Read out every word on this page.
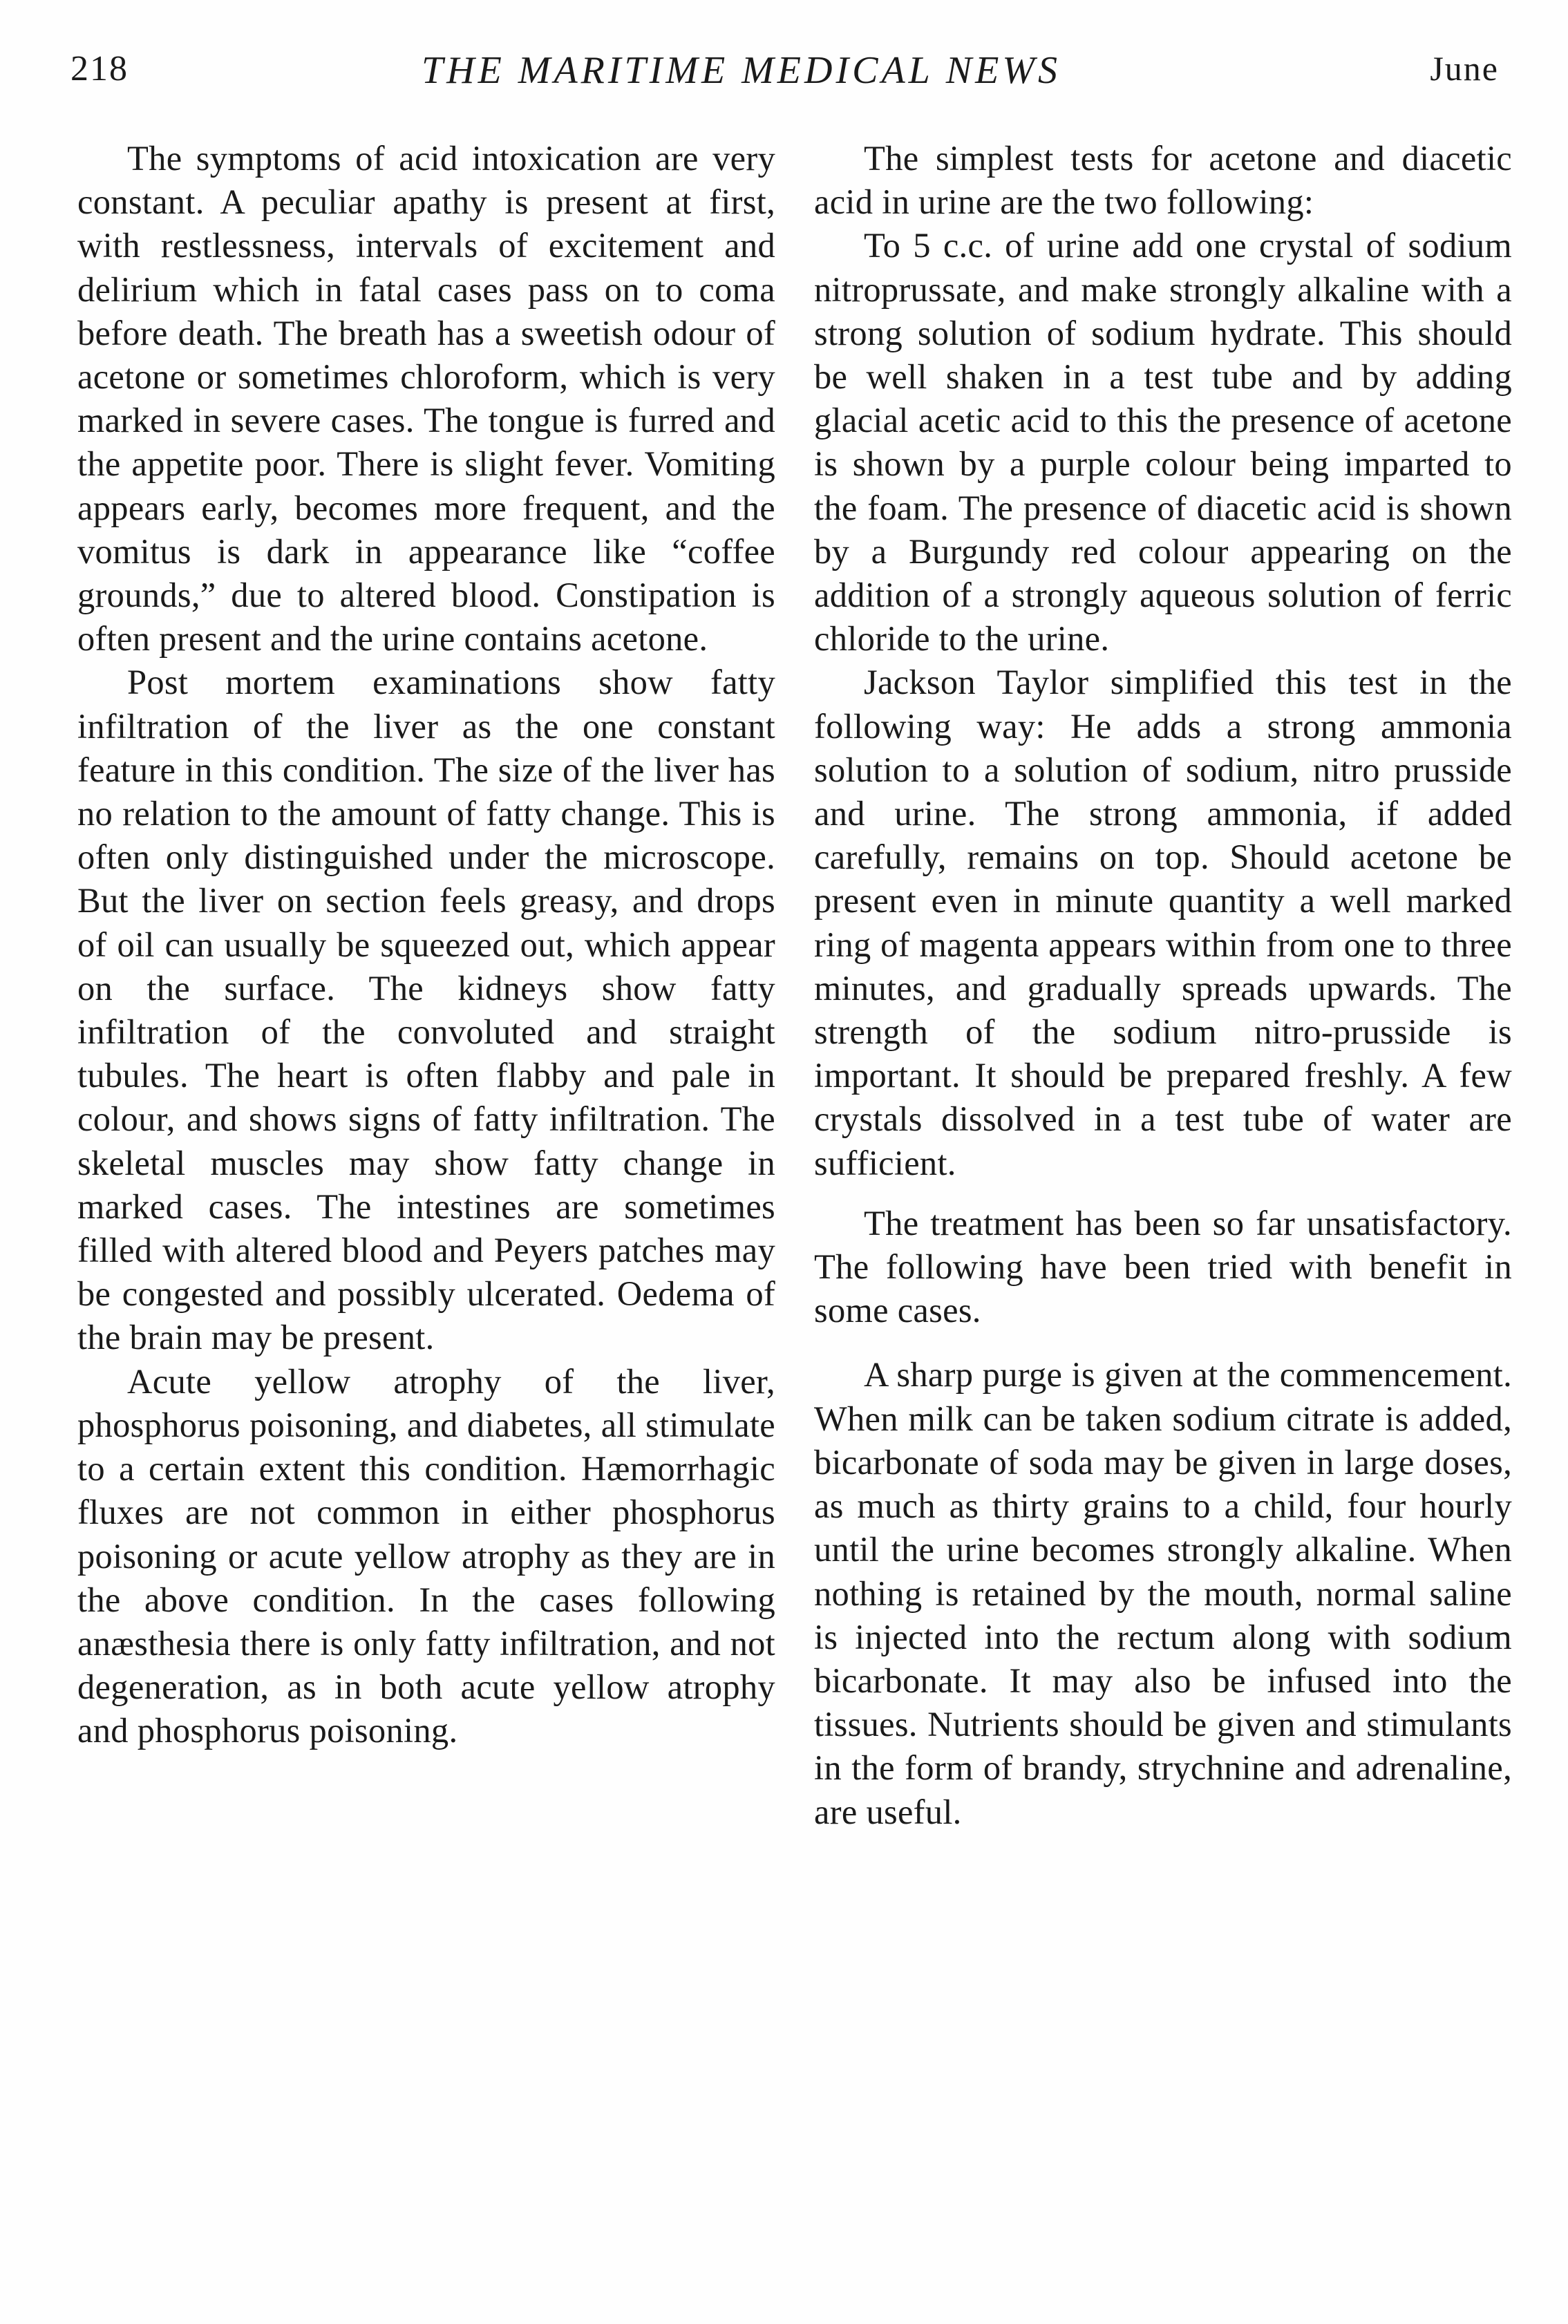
218	THE MARITIME MEDICAL NEWS	June

The symptoms of acid intoxication are very constant. A peculiar apathy is present at first, with restlessness, intervals of excitement and delirium which in fatal cases pass on to coma before death. The breath has a sweetish odour of acetone or sometimes chloroform, which is very marked in severe cases. The tongue is furred and the appetite poor. There is slight fever. Vomiting appears early, becomes more frequent, and the vomitus is dark in appearance like “coffee grounds,” due to altered blood. Constipation is often present and the urine contains acetone.

Post mortem examinations show fatty infiltration of the liver as the one constant feature in this condition. The size of the liver has no relation to the amount of fatty change. This is often only distinguished under the microscope. But the liver on section feels greasy, and drops of oil can usually be squeezed out, which appear on the surface. The kidneys show fatty infiltration of the convoluted and straight tubules. The heart is often flabby and pale in colour, and shows signs of fatty infiltration. The skeletal muscles may show fatty change in marked cases. The intestines are sometimes filled with altered blood and Peyers patches may be congested and possibly ulcerated. Oedema of the brain may be present.

Acute yellow atrophy of the liver, phosphorus poisoning, and diabetes, all stimulate to a certain extent this condition. Hæmorrhagic fluxes are not common in either phosphorus poisoning or acute yellow atrophy as they are in the above condition. In the cases following anæsthesia there is only fatty infiltration, and not degeneration, as in both acute yellow atrophy and phosphorus poisoning.

The simplest tests for acetone and diacetic acid in urine are the two following:

To 5 c.c. of urine add one crystal of sodium nitroprussate, and make strongly alkaline with a strong solution of sodium hydrate. This should be well shaken in a test tube and by adding glacial acetic acid to this the presence of acetone is shown by a purple colour being imparted to the foam. The presence of diacetic acid is shown by a Burgundy red colour appearing on the addition of a strongly aqueous solution of ferric chloride to the urine.

Jackson Taylor simplified this test in the following way: He adds a strong ammonia solution to a solution of sodium, nitro prusside and urine. The strong ammonia, if added carefully, remains on top. Should acetone be present even in minute quantity a well marked ring of magenta appears within from one to three minutes, and gradually spreads upwards. The strength of the sodium nitro-prusside is important. It should be prepared freshly. A few crystals dissolved in a test tube of water are sufficient.

The treatment has been so far unsatisfactory. The following have been tried with benefit in some cases.

A sharp purge is given at the commencement. When milk can be taken sodium citrate is added, bicarbonate of soda may be given in large doses, as much as thirty grains to a child, four hourly until the urine becomes strongly alkaline. When nothing is retained by the mouth, normal saline is injected into the rectum along with sodium bicarbonate. It may also be infused into the tissues. Nutrients should be given and stimulants in the form of brandy, strychnine and adrenaline, are useful.
